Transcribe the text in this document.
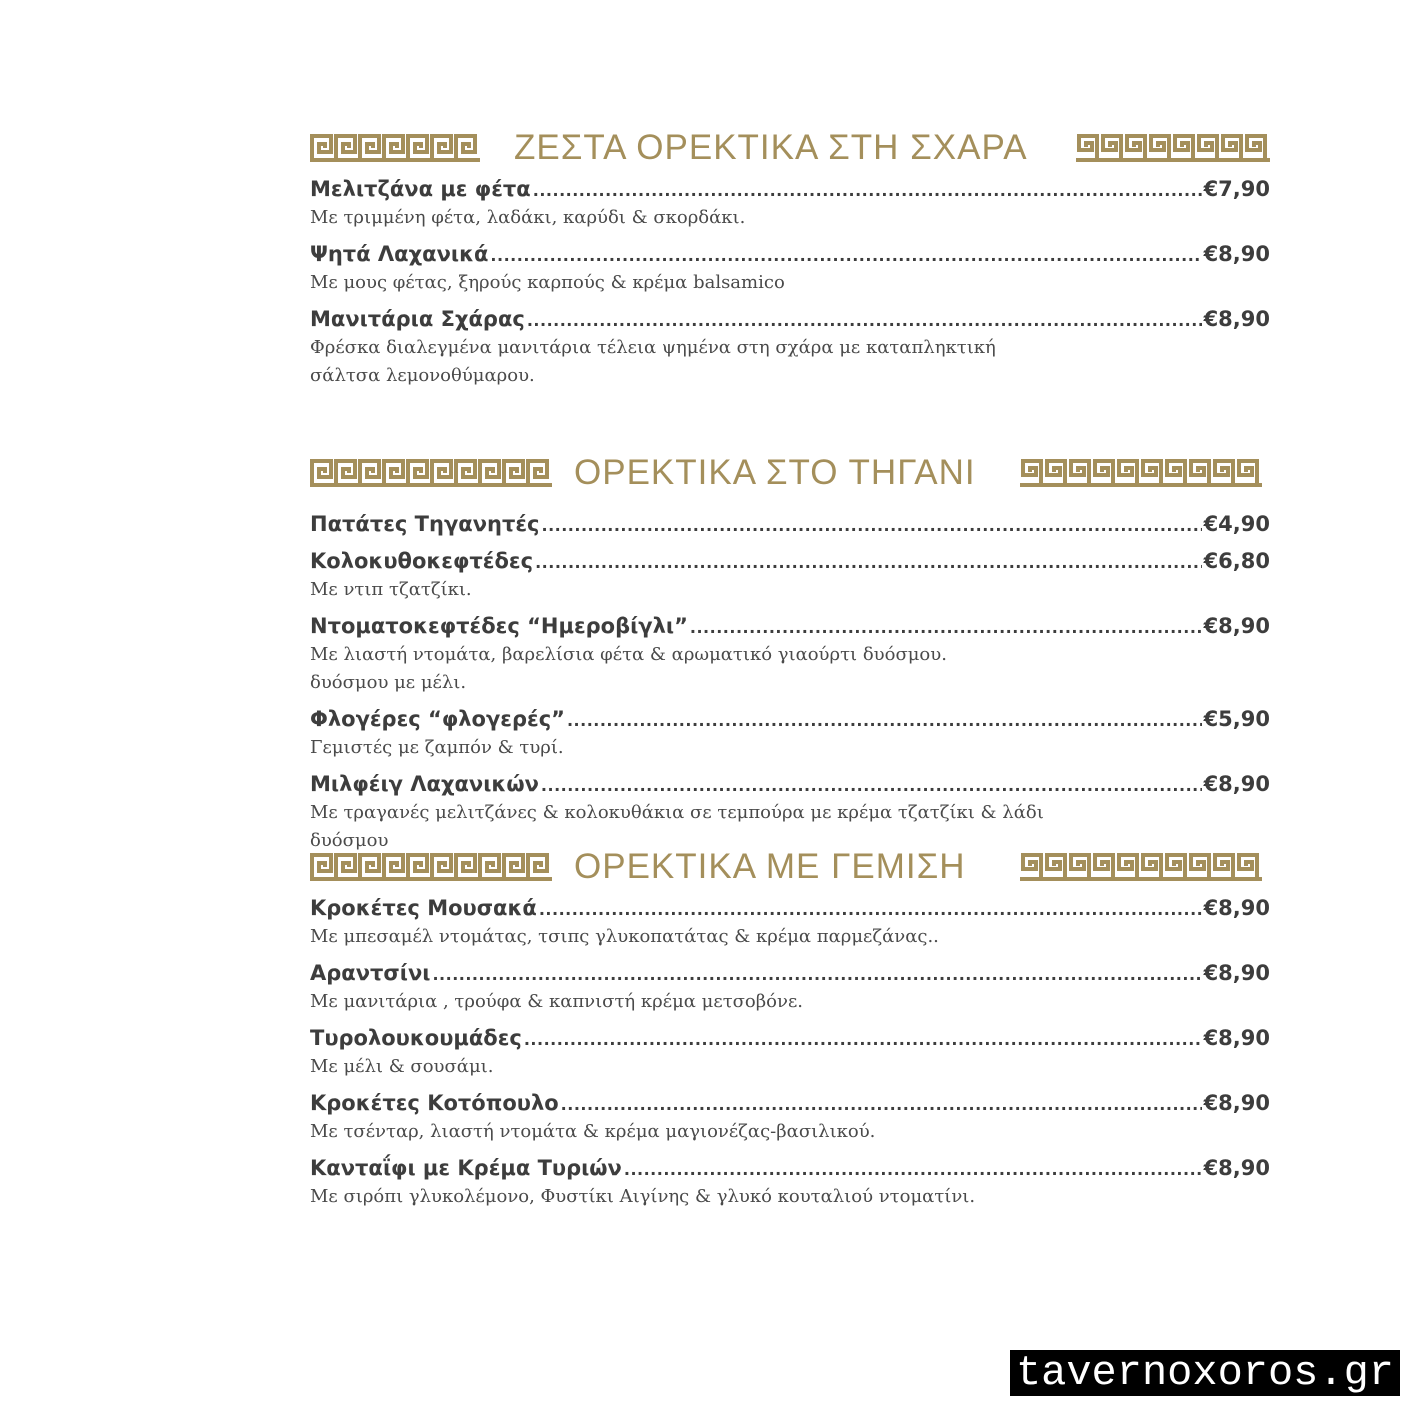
ΖΕΣΤΑ ΟΡΕΚΤΙΚΑ ΣΤΗ ΣΧΑΡΑ
Μελιτζάνα με φέτα .....	€7,90
Με τριμμένη φέτα, λαδάκι, καρύδι & σκορδάκι.
Ψητά Λαχανικά .....	€8,90
Με μους φέτας, ξηρούς καρπούς & κρέμα balsamico
Μανιτάρια Σχάρας .....	€8,90
Φρέσκα διαλεγμένα μανιτάρια τέλεια ψημένα στη σχάρα με καταπληκτική
σάλτσα λεμονοθύμαρου.
ΟΡΕΚΤΙΚΑ ΣΤΟ ΤΗΓΑΝΙ
Πατάτες Τηγανητές .....	€4,90
Κολοκυθοκεφτέδες .....	€6,80
Με ντιπ τζατζίκι.
Ντοματοκεφτέδες “Ημεροβίγλι” .....	€8,90
Με λιαστή ντομάτα, βαρελίσια φέτα & αρωματικό γιαούρτι δυόσμου.
δυόσμου με μέλι.
Φλογέρες “φλογερές” .....	€5,90
Γεμιστές με ζαμπόν & τυρί.
Μιλφέιγ Λαχανικών .....	€8,90
Με τραγανές μελιτζάνες & κολοκυθάκια σε τεμπούρα με κρέμα τζατζίκι & λάδι δυόσμου
ΟΡΕΚΤΙΚΑ ΜΕ ΓΕΜΙΣΗ
Κροκέτες Μουσακά .....	€8,90
Με μπεσαμέλ ντομάτας, τσιπς γλυκοπατάτας & κρέμα παρμεζάνας..
Αραντσίνι .....	€8,90
Με μανιτάρια , τρούφα & καπνιστή κρέμα μετσοβόνε.
Τυρολουκουμάδες .....	€8,90
Με μέλι & σουσάμι.
Κροκέτες Κοτόπουλο .....	€8,90
Με τσένταρ, λιαστή ντομάτα & κρέμα μαγιονέζας-βασιλικού.
Κανταΐφι με Κρέμα Τυριών .....	€8,90
Με σιρόπι γλυκολέμονο, Φυστίκι Αιγίνης & γλυκό κουταλιού ντοματίνι.
tavernoxoros.gr
